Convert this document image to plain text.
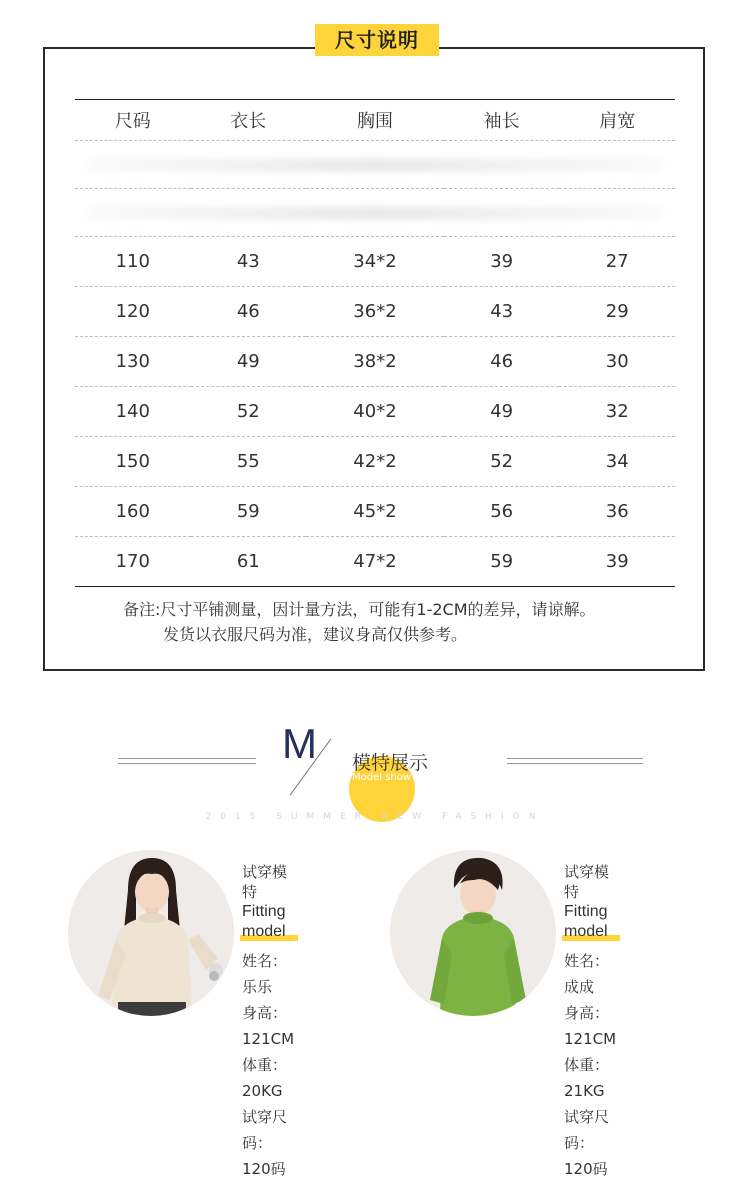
尺寸说明
尺码	衣长	胸围	袖长	肩宽

110	43	34*2	39	27
120	46	36*2	43	29
130	49	38*2	46	30
140	52	40*2	49	32
150	55	42*2	52	34
160	59	45*2	56	36
170	61	47*2	59	39
备注:尺寸平铺测量，因计量方法，可能有1-2CM的差异，请谅解。
发货以衣服尺码为准，建议身高仅供参考。
M 模特展示
Model show
2015 SUMMER NEW FASHION
试穿模特
Fitting model
姓名：乐乐
身高：121CM
体重：20KG
试穿尺码：120码
试穿模特
Fitting model
姓名：成成
身高：121CM
体重：21KG
试穿尺码：120码
